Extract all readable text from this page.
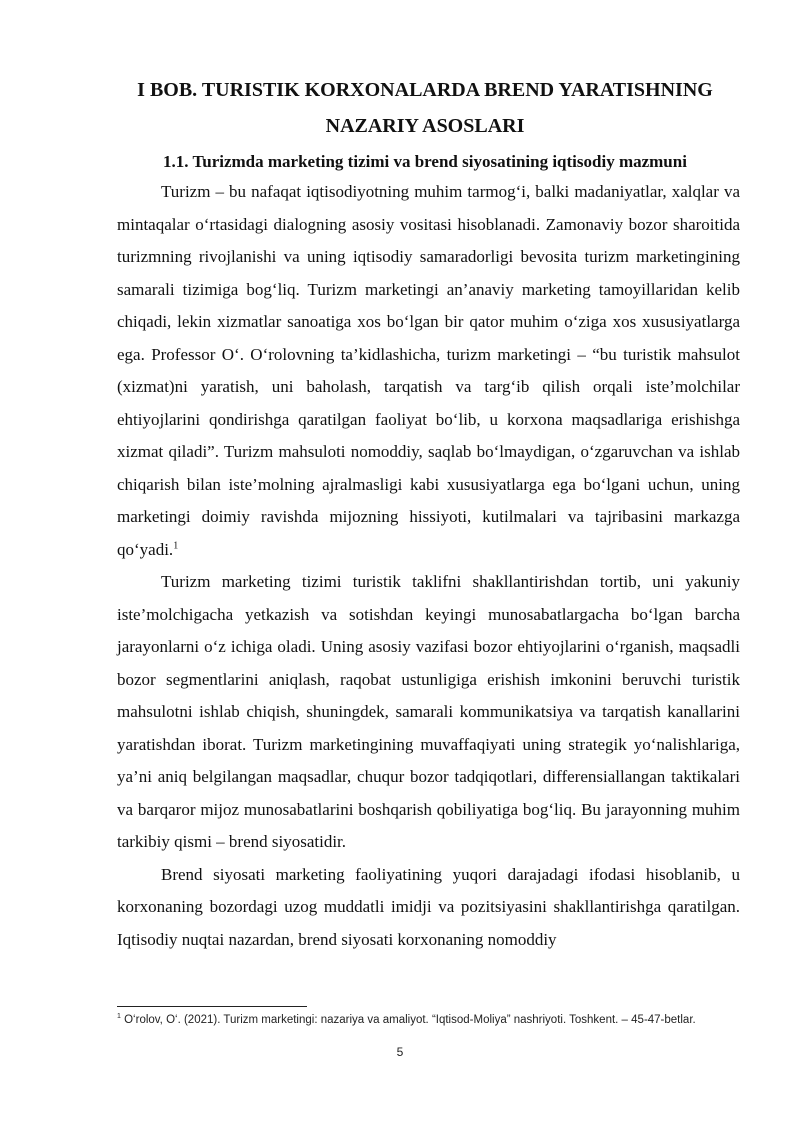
I BOB. TURISTIK KORXONALARDA BREND YARATISHNING
NAZARIY ASOSLARI
1.1. Turizmda marketing tizimi va brend siyosatining iqtisodiy mazmuni

Turizm – bu nafaqat iqtisodiyotning muhim tarmog‘i, balki madaniyatlar, xalqlar va mintaqalar o‘rtasidagi dialogning asosiy vositasi hisoblanadi. Zamonaviy bozor sharoitida turizmning rivojlanishi va uning iqtisodiy samaradorligi bevosita turizm marketingining samarali tizimiga bog‘liq. Turizm marketingi an’anaviy marketing tamoyillaridan kelib chiqadi, lekin xizmatlar sanoatiga xos bo‘lgan bir qator muhim o‘ziga xos xususiyatlarga ega. Professor O‘. O‘rolovning ta’kidlashicha, turizm marketingi – “bu turistik mahsulot (xizmat)ni yaratish, uni baholash, tarqatish va targ‘ib qilish orqali iste’molchilar ehtiyojlarini qondirishga qaratilgan faoliyat bo‘lib, u korxona maqsadlariga erishishga xizmat qiladi”. Turizm mahsuloti nomoddiy, saqlab bo‘lmaydigan, o‘zgaruvchan va ishlab chiqarish bilan iste’molning ajralmasligi kabi xususiyatlarga ega bo‘lgani uchun, uning marketingi doimiy ravishda mijozning hissiyoti, kutilmalari va tajribasini markazga qo‘yadi.$^1$

Turizm marketing tizimi turistik taklifni shakllantirishdan tortib, uni yakuniy iste’molchigacha yetkazish va sotishdan keyingi munosabatlargacha bo‘lgan barcha jarayonlarni o‘z ichiga oladi. Uning asosiy vazifasi bozor ehtiyojlarini o‘rganish, maqsadli bozor segmentlarini aniqlash, raqobat ustunligiga erishish imkonini beruvchi turistik mahsulotni ishlab chiqish, shuningdek, samarali kommunikatsiya va tarqatish kanallarini yaratishdan iborat. Turizm marketingining muvaffaqiyati uning strategik yo‘nalishlariga, ya’ni aniq belgilangan maqsadlar, chuqur bozor tadqiqotlari, differensiallangan taktikalari va barqaror mijoz munosabatlarini boshqarish qobiliyatiga bog‘liq. Bu jarayonning muhim tarkibiy qismi – brend siyosatidir.

Brend siyosati marketing faoliyatining yuqori darajadagi ifodasi hisoblanib, u korxonaning bozordagi uzog muddatli imidji va pozitsiyasini shakllantirishga qaratilgan. Iqtisodiy nuqtai nazardan, brend siyosati korxonaning nomoddiy

$^1$ O‘rolov, O‘. (2021). Turizm marketingi: nazariya va amaliyot. “Iqtisod-Moliya” nashriyoti. Toshkent. – 45-47-betlar.
5
